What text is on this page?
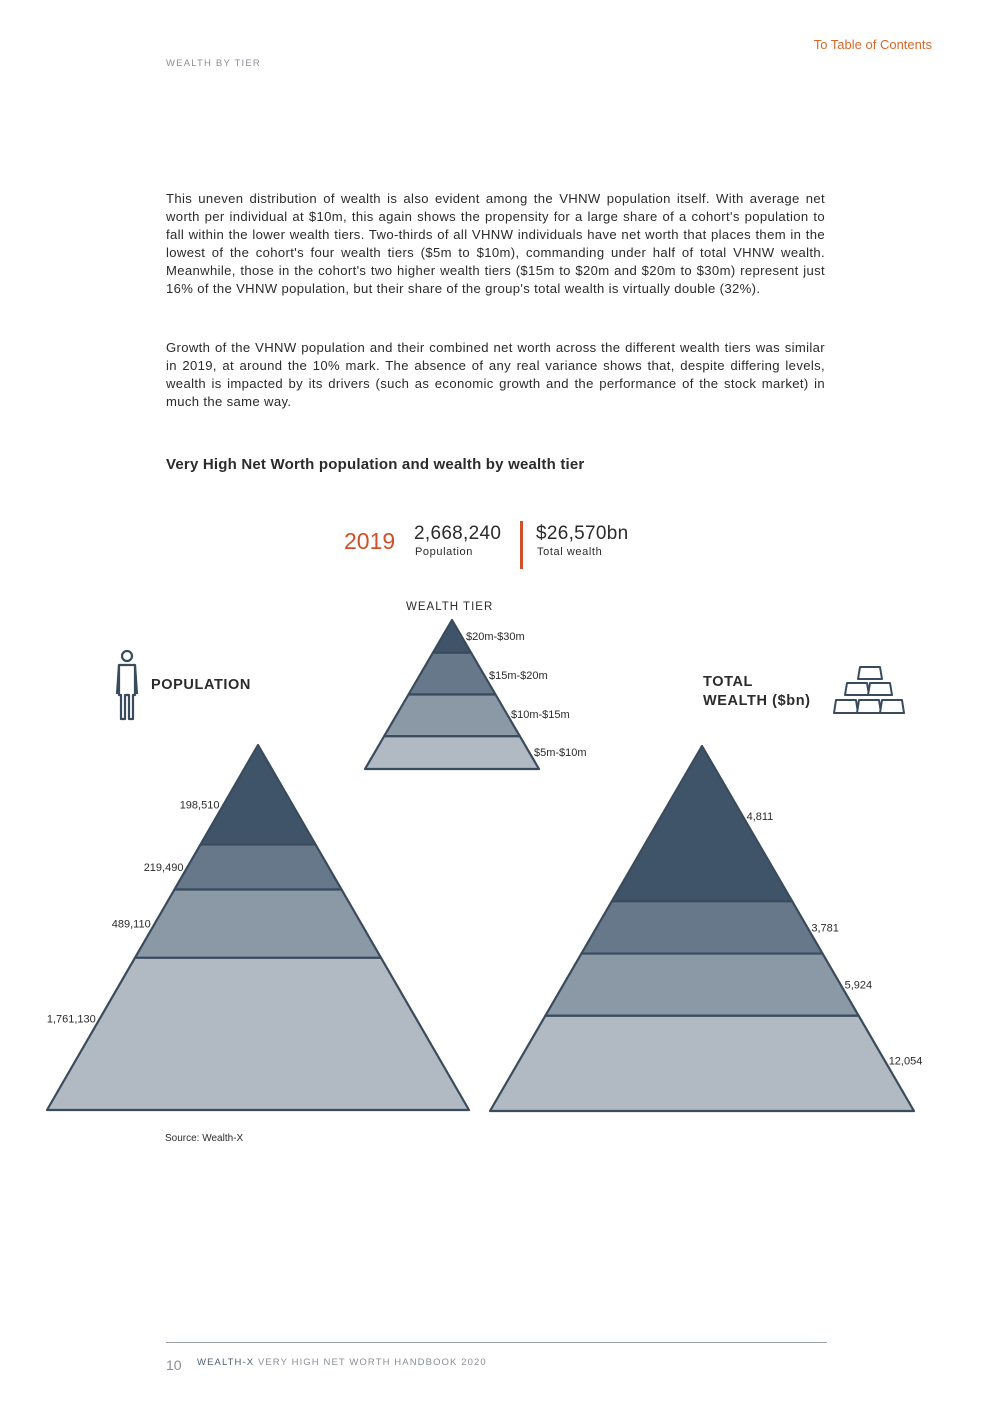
To Table of Contents
WEALTH BY TIER

This uneven distribution of wealth is also evident among the VHNW population itself. With average net worth per individual at $10m, this again shows the propensity for a large share of a cohort's population to fall within the lower wealth tiers. Two-thirds of all VHNW individuals have net worth that places them in the lowest of the cohort's four wealth tiers ($5m to $10m), commanding under half of total VHNW wealth. Meanwhile, those in the cohort's two higher wealth tiers ($15m to $20m and $20m to $30m) represent just 16% of the VHNW population, but their share of the group's total wealth is virtually double (32%).

Growth of the VHNW population and their combined net worth across the different wealth tiers was similar in 2019, at around the 10% mark. The absence of any real variance shows that, despite differing levels, wealth is impacted by its drivers (such as economic growth and the performance of the stock market) in much the same way.

Very High Net Worth population and wealth by wealth tier
2019 2,668,240
Population
$26,570bn
Total wealth
WEALTH TIER
POPULATION	TOTAL
WEALTH ($bn)
$20m-$30m
$15m-$20m
$10m-$15m
$5m-$10m
198,510
219,490
489,110
1,761,130
4,811
3,781
5,924
12,054
Source: Wealth-X
10 WEALTH-X VERY HIGH NET WORTH HANDBOOK 2020
